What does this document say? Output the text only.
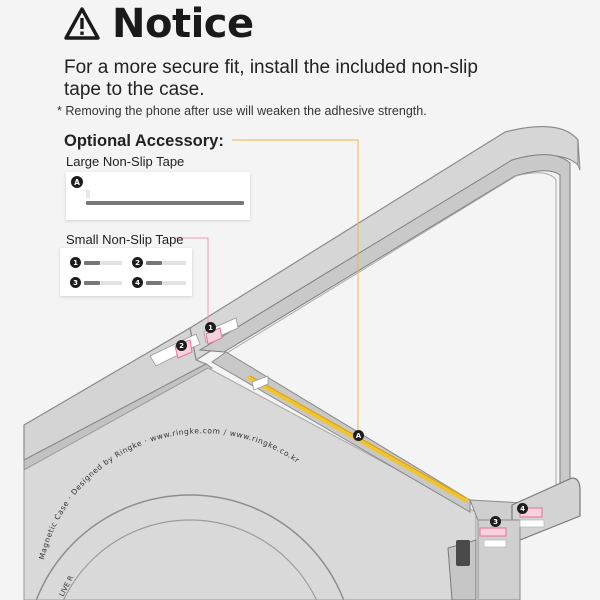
Magnetic Case · Designed by Ringke · www.ringke.com / www.ringke.co.kr
LIVE R
1
2
3
4
A
Notice
For a more secure fit, install the included non-slip tape to the case.
* Removing the phone after use will weaken the adhesive strength.
Optional Accessory:
Large Non-Slip Tape
A
Small Non-Slip Tape
1	2
3	4
